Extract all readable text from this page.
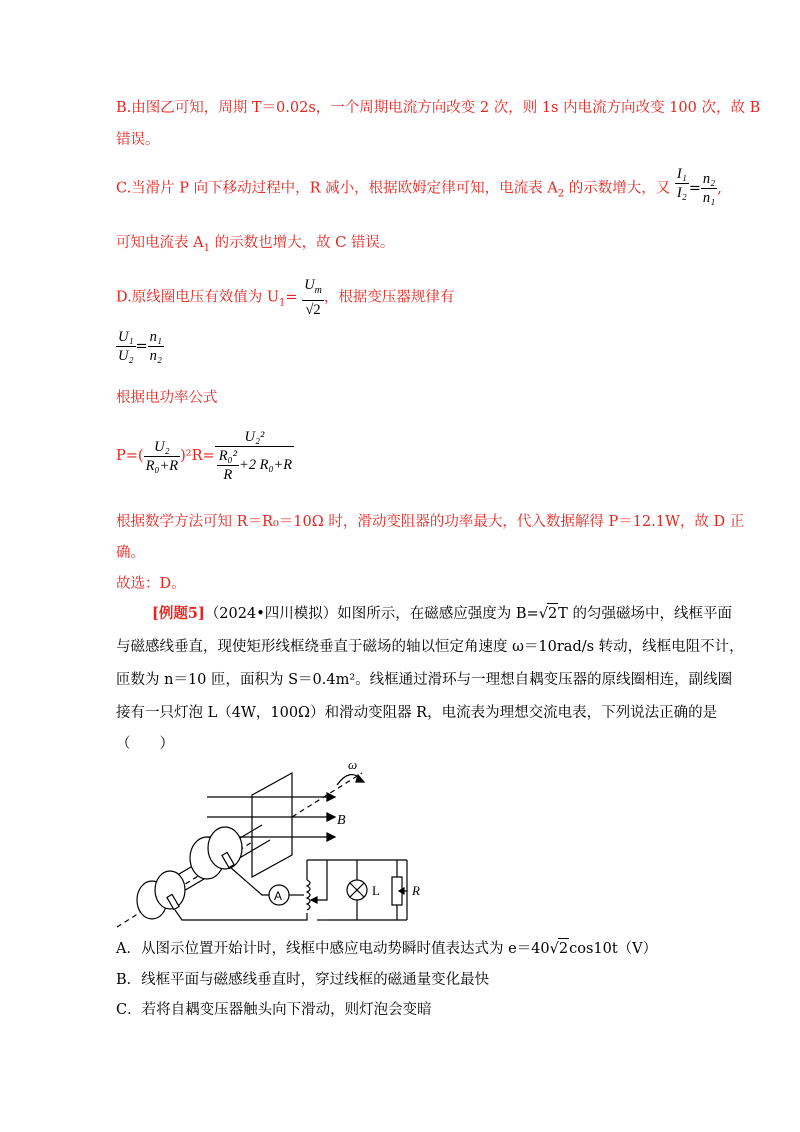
B.由图乙可知，周期 T＝0.02s，一个周期电流方向改变 2 次，则 1s 内电流方向改变 100 次，故 B
错误。
C.当滑片 P 向下移动过程中，R 减小，根据欧姆定律可知，电流表 $A_2$ 的示数增大，又 $\frac{\text{I₁}}{\text{I₂}} = \frac{\text{n₂}}{\text{n₁}}$ ,
可知电流表 $A_1$ 的示数也增大，故 C 错误。
D.原线圈电压有效值为 $U_1= \frac{U_m}{√2}$ ，根据变压器规律有
$\frac{\text{U₁}}{\text{U₂}} = \frac{\text{n₁}}{\text{n₂}}$
根据电功率公式
$P=( \frac{\text{U₂}}{\text{R₀+R}} )^2R= \frac{\text{U₂²}}{\frac{\text{R₀²}}{R} +2 R_0+R}$
根据数学方法可知 R＝R₀＝10Ω 时，滑动变阻器的功率最大，代入数据解得 P＝12.1W，故 D 正
确。
故选：D。
[例题5]（2024•四川模拟）如图所示，在磁感应强度为 B=√2T 的匀强磁场中，线框平面
与磁感线垂直，现使矩形线框绕垂直于磁场的轴以恒定角速度 ω＝10rad/s 转动，线框电阻不计，
匝数为 n＝10 匝，面积为 S＝0.4m²。线框通过滑环与一理想自耦变压器的原线圈相连，副线圈
接有一只灯泡 L（4W，100Ω）和滑动变阻器 R，电流表为理想交流电表，下列说法正确的是
（　　）
ω
B
A	L R
A．从图示位置开始计时，线框中感应电动势瞬时值表达式为 e＝40√2cos10t（V）
B．线框平面与磁感线垂直时，穿过线框的磁通量变化最快
C．若将自耦变压器触头向下滑动，则灯泡会变暗
